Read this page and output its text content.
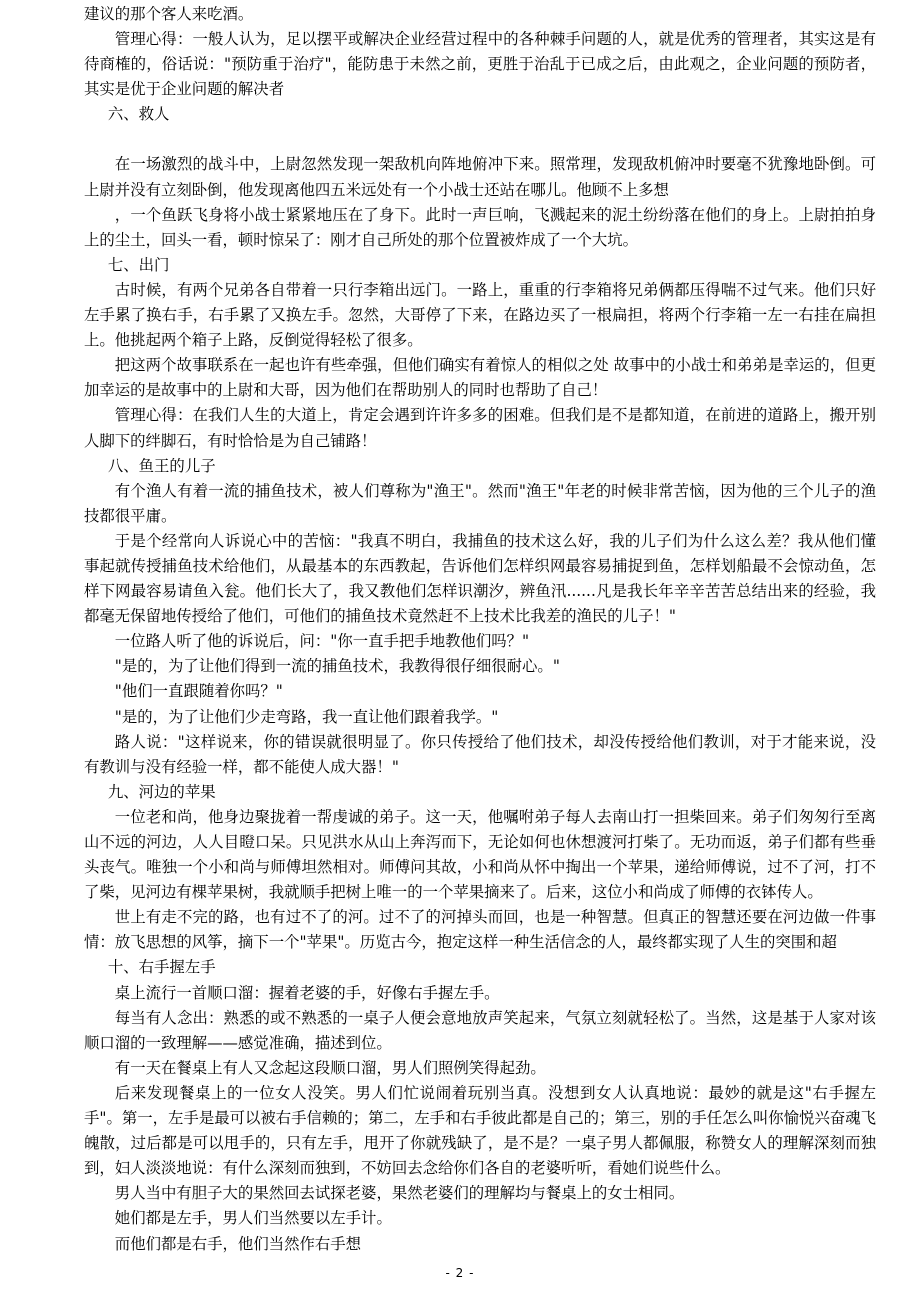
建议的那个客人来吃酒。

管理心得：一般人认为，足以摆平或解决企业经营过程中的各种棘手问题的人，就是优秀的管理者，其实这是有待商榷的，俗话说："预防重于治疗"，能防患于未然之前，更胜于治乱于已成之后，由此观之，企业问题的预防者，其实是优于企业问题的解决者

六、救人

在一场激烈的战斗中，上尉忽然发现一架敌机向阵地俯冲下来。照常理，发现敌机俯冲时要毫不犹豫地卧倒。可上尉并没有立刻卧倒，他发现离他四五米远处有一个小战士还站在哪儿。他顾不上多想

，一个鱼跃飞身将小战士紧紧地压在了身下。此时一声巨响，飞溅起来的泥土纷纷落在他们的身上。上尉拍拍身上的尘土，回头一看，顿时惊呆了：刚才自己所处的那个位置被炸成了一个大坑。

七、出门

古时候，有两个兄弟各自带着一只行李箱出远门。一路上，重重的行李箱将兄弟俩都压得喘不过气来。他们只好左手累了换右手，右手累了又换左手。忽然，大哥停了下来，在路边买了一根扁担，将两个行李箱一左一右挂在扁担上。他挑起两个箱子上路，反倒觉得轻松了很多。

把这两个故事联系在一起也许有些牵强，但他们确实有着惊人的相似之处 故事中的小战士和弟弟是幸运的，但更加幸运的是故事中的上尉和大哥，因为他们在帮助别人的同时也帮助了自己！

管理心得：在我们人生的大道上，肯定会遇到许许多多的困难。但我们是不是都知道，在前进的道路上，搬开别人脚下的绊脚石，有时恰恰是为自己铺路！

八、鱼王的儿子

有个渔人有着一流的捕鱼技术，被人们尊称为"渔王"。然而"渔王"年老的时候非常苦恼，因为他的三个儿子的渔技都很平庸。

于是个经常向人诉说心中的苦恼："我真不明白，我捕鱼的技术这么好，我的儿子们为什么这么差？我从他们懂事起就传授捕鱼技术给他们，从最基本的东西教起，告诉他们怎样织网最容易捕捉到鱼，怎样划船最不会惊动鱼，怎样下网最容易请鱼入瓮。他们长大了，我又教他们怎样识潮汐，辨鱼汛......凡是我长年辛辛苦苦总结出来的经验，我都毫无保留地传授给了他们，可他们的捕鱼技术竟然赶不上技术比我差的渔民的儿子！"

一位路人听了他的诉说后，问："你一直手把手地教他们吗？"

"是的，为了让他们得到一流的捕鱼技术，我教得很仔细很耐心。"

"他们一直跟随着你吗？"

"是的，为了让他们少走弯路，我一直让他们跟着我学。"

路人说："这样说来，你的错误就很明显了。你只传授给了他们技术，却没传授给他们教训，对于才能来说，没有教训与没有经验一样，都不能使人成大器！"

九、河边的苹果

一位老和尚，他身边聚拢着一帮虔诚的弟子。这一天，他嘱咐弟子每人去南山打一担柴回来。弟子们匆匆行至离山不远的河边，人人目瞪口呆。只见洪水从山上奔泻而下，无论如何也休想渡河打柴了。无功而返，弟子们都有些垂头丧气。唯独一个小和尚与师傅坦然相对。师傅问其故，小和尚从怀中掏出一个苹果，递给师傅说，过不了河，打不了柴，见河边有棵苹果树，我就顺手把树上唯一的一个苹果摘来了。后来，这位小和尚成了师傅的衣钵传人。

世上有走不完的路，也有过不了的河。过不了的河掉头而回，也是一种智慧。但真正的智慧还要在河边做一件事情：放飞思想的风筝，摘下一个"苹果"。历览古今，抱定这样一种生活信念的人，最终都实现了人生的突围和超

十、右手握左手

桌上流行一首顺口溜：握着老婆的手，好像右手握左手。

每当有人念出：熟悉的或不熟悉的一桌子人便会意地放声笑起来，气氛立刻就轻松了。当然，这是基于人家对该顺口溜的一致理解——感觉准确，描述到位。

有一天在餐桌上有人又念起这段顺口溜，男人们照例笑得起劲。

后来发现餐桌上的一位女人没笑。男人们忙说闹着玩别当真。没想到女人认真地说：最妙的就是这"右手握左手"。第一，左手是最可以被右手信赖的；第二，左手和右手彼此都是自己的；第三，别的手任怎么叫你愉悦兴奋魂飞魄散，过后都是可以甩手的，只有左手，甩开了你就残缺了，是不是？一桌子男人都佩服，称赞女人的理解深刻而独到，妇人淡淡地说：有什么深刻而独到，不妨回去念给你们各自的老婆听听，看她们说些什么。

男人当中有胆子大的果然回去试探老婆，果然老婆们的理解均与餐桌上的女士相同。

她们都是左手，男人们当然要以左手计。

而他们都是右手，他们当然作右手想

- 2 -
